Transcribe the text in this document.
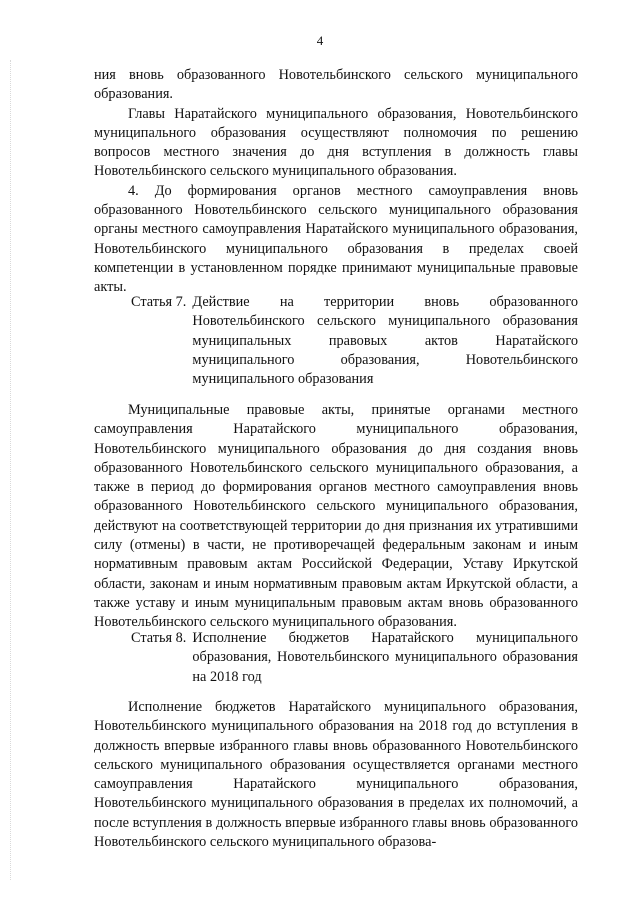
4

ния вновь образованного Новотельбинского сельского муниципального образования.

Главы Наратайского муниципального образования, Новотельбинского муниципального образования осуществляют полномочия по решению вопросов местного значения до дня вступления в должность главы Новотельбинского сельского муниципального образования.

4. До формирования органов местного самоуправления вновь образованного Новотельбинского сельского муниципального образования органы местного самоуправления Наратайского муниципального образования, Новотельбинского муниципального образования в пределах своей компетенции в установленном порядке принимают муниципальные правовые акты.

Статья 7. Действие на территории вновь образованного Новотельбинского сельского муниципального образования муниципальных правовых актов Наратайского муниципального образования, Новотельбинского муниципального образования

Муниципальные правовые акты, принятые органами местного самоуправления Наратайского муниципального образования, Новотельбинского муниципального образования до дня создания вновь образованного Новотельбинского сельского муниципального образования, а также в период до формирования органов местного самоуправления вновь образованного Новотельбинского сельского муниципального образования, действуют на соответствующей территории до дня признания их утратившими силу (отмены) в части, не противоречащей федеральным законам и иным нормативным правовым актам Российской Федерации, Уставу Иркутской области, законам и иным нормативным правовым актам Иркутской области, а также уставу и иным муниципальным правовым актам вновь образованного Новотельбинского сельского муниципального образования.

Статья 8. Исполнение бюджетов Наратайского муниципального образования, Новотельбинского муниципального образования на 2018 год

Исполнение бюджетов Наратайского муниципального образования, Новотельбинского муниципального образования на 2018 год до вступления в должность впервые избранного главы вновь образованного Новотельбинского сельского муниципального образования осуществляется органами местного самоуправления Наратайского муниципального образования, Новотельбинского муниципального образования в пределах их полномочий, а после вступления в должность впервые избранного главы вновь образованного Новотельбинского сельского муниципального образова-
